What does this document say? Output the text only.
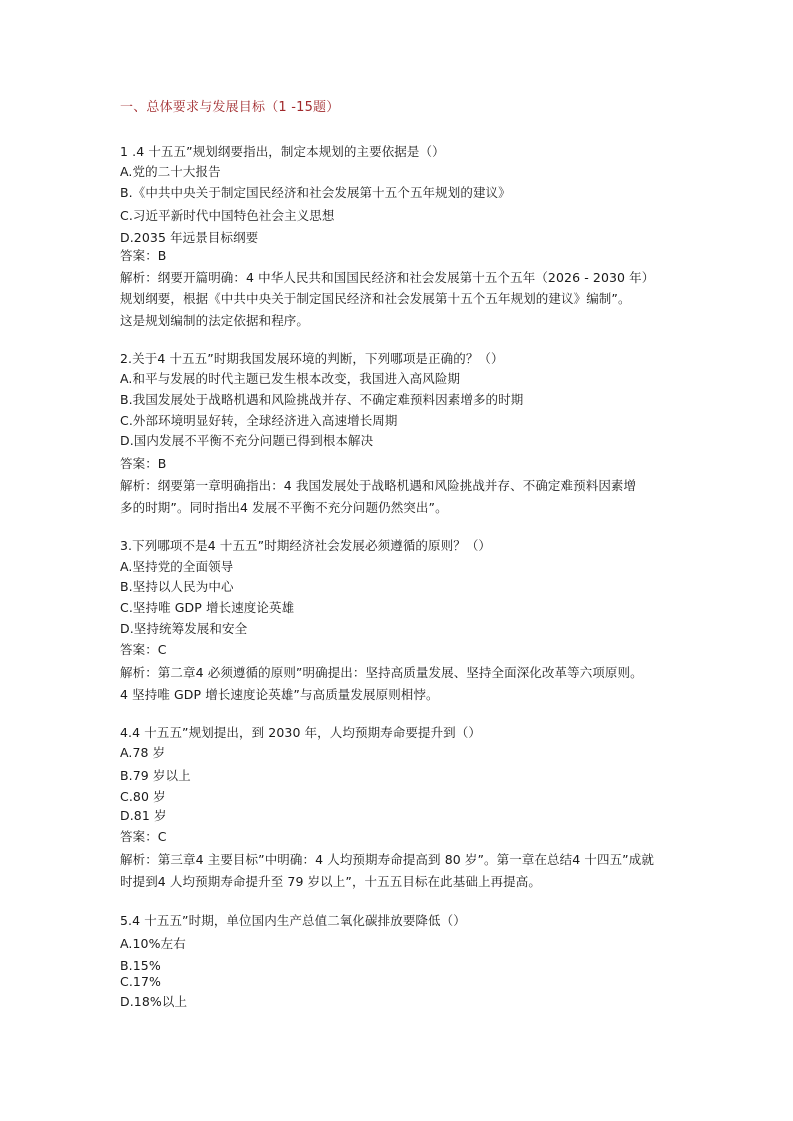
一、总体要求与发展目标（1 -15题）
1 .4 十五五”规划纲要指出，制定本规划的主要依据是（）
A.党的二十大报告
B.《中共中央关于制定国民经济和社会发展第十五个五年规划的建议》
C.习近平新时代中国特色社会主义思想
D.2035 年远景目标纲要
答案：B
解析：纲要开篇明确：4 中华人民共和国国民经济和社会发展第十五个五年（2026 - 2030 年）
规划纲要，根据《中共中央关于制定国民经济和社会发展第十五个五年规划的建议》编制”。
这是规划编制的法定依据和程序。
2.关于4 十五五”时期我国发展环境的判断，下列哪项是正确的？（）
A.和平与发展的时代主题已发生根本改变，我国进入高风险期
B.我国发展处于战略机遇和风险挑战并存、不确定难预料因素增多的时期
C.外部环境明显好转，全球经济进入高速增长周期
D.国内发展不平衡不充分问题已得到根本解决
答案：B
解析：纲要第一章明确指出：4 我国发展处于战略机遇和风险挑战并存、不确定难预料因素增
多的时期”。同时指出4 发展不平衡不充分问题仍然突出”。
3.下列哪项不是4 十五五”时期经济社会发展必须遵循的原则？（）
A.坚持党的全面领导
B.坚持以人民为中心
C.坚持唯 GDP 增长速度论英雄
D.坚持统筹发展和安全
答案：C
解析：第二章4 必须遵循的原则”明确提出：坚持高质量发展、坚持全面深化改革等六项原则。
4 坚持唯 GDP 增长速度论英雄”与高质量发展原则相悖。
4.4 十五五”规划提出，到 2030 年，人均预期寿命要提升到（）
A.78 岁
B.79 岁以上
C.80 岁
D.81 岁
答案：C
解析：第三章4 主要目标”中明确：4 人均预期寿命提高到 80 岁”。第一章在总结4 十四五”成就
时提到4 人均预期寿命提升至 79 岁以上”，十五五目标在此基础上再提高。
5.4 十五五”时期，单位国内生产总值二氧化碳排放要降低（）
A.10%左右
B.15%
C.17%
D.18%以上
